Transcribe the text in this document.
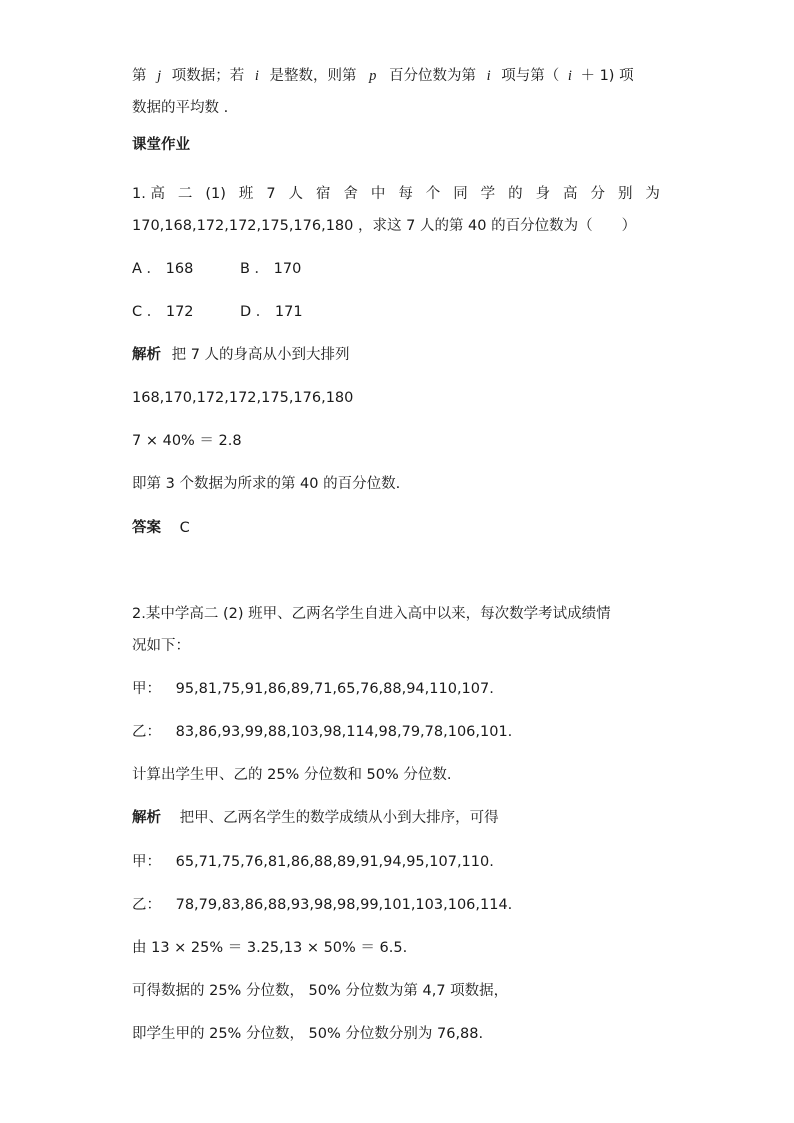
第 j 项数据；若 i 是整数，则第 p 百分位数为第 i 项与第（ i ＋ 1) 项
数据的平均数 .
课堂作业
1. 高 二 (1) 班 7 人 宿 舍 中 每 个 同 学 的 身 高 分 别 为
170,168,172,172,175,176,180 ，求这 7 人的第 40 的百分位数为（　　）
A ． 168	B ． 170
C ． 172	D ． 171
解析 把 7 人的身高从小到大排列
168,170,172,172,175,176,180
7 × 40% ＝ 2.8
即第 3 个数据为所求的第 40 的百分位数.
答案 C
2.某中学高二 (2) 班甲、乙两名学生自进入高中以来，每次数学考试成绩情
况如下：
甲： 95,81,75,91,86,89,71,65,76,88,94,110,107.
乙： 83,86,93,99,88,103,98,114,98,79,78,106,101.
计算出学生甲、乙的 25% 分位数和 50% 分位数.
解析 把甲、乙两名学生的数学成绩从小到大排序，可得
甲： 65,71,75,76,81,86,88,89,91,94,95,107,110.
乙： 78,79,83,86,88,93,98,98,99,101,103,106,114.
由 13 × 25% ＝ 3.25,13 × 50% ＝ 6.5.
可得数据的 25% 分位数， 50% 分位数为第 4,7 项数据，
即学生甲的 25% 分位数， 50% 分位数分别为 76,88.
